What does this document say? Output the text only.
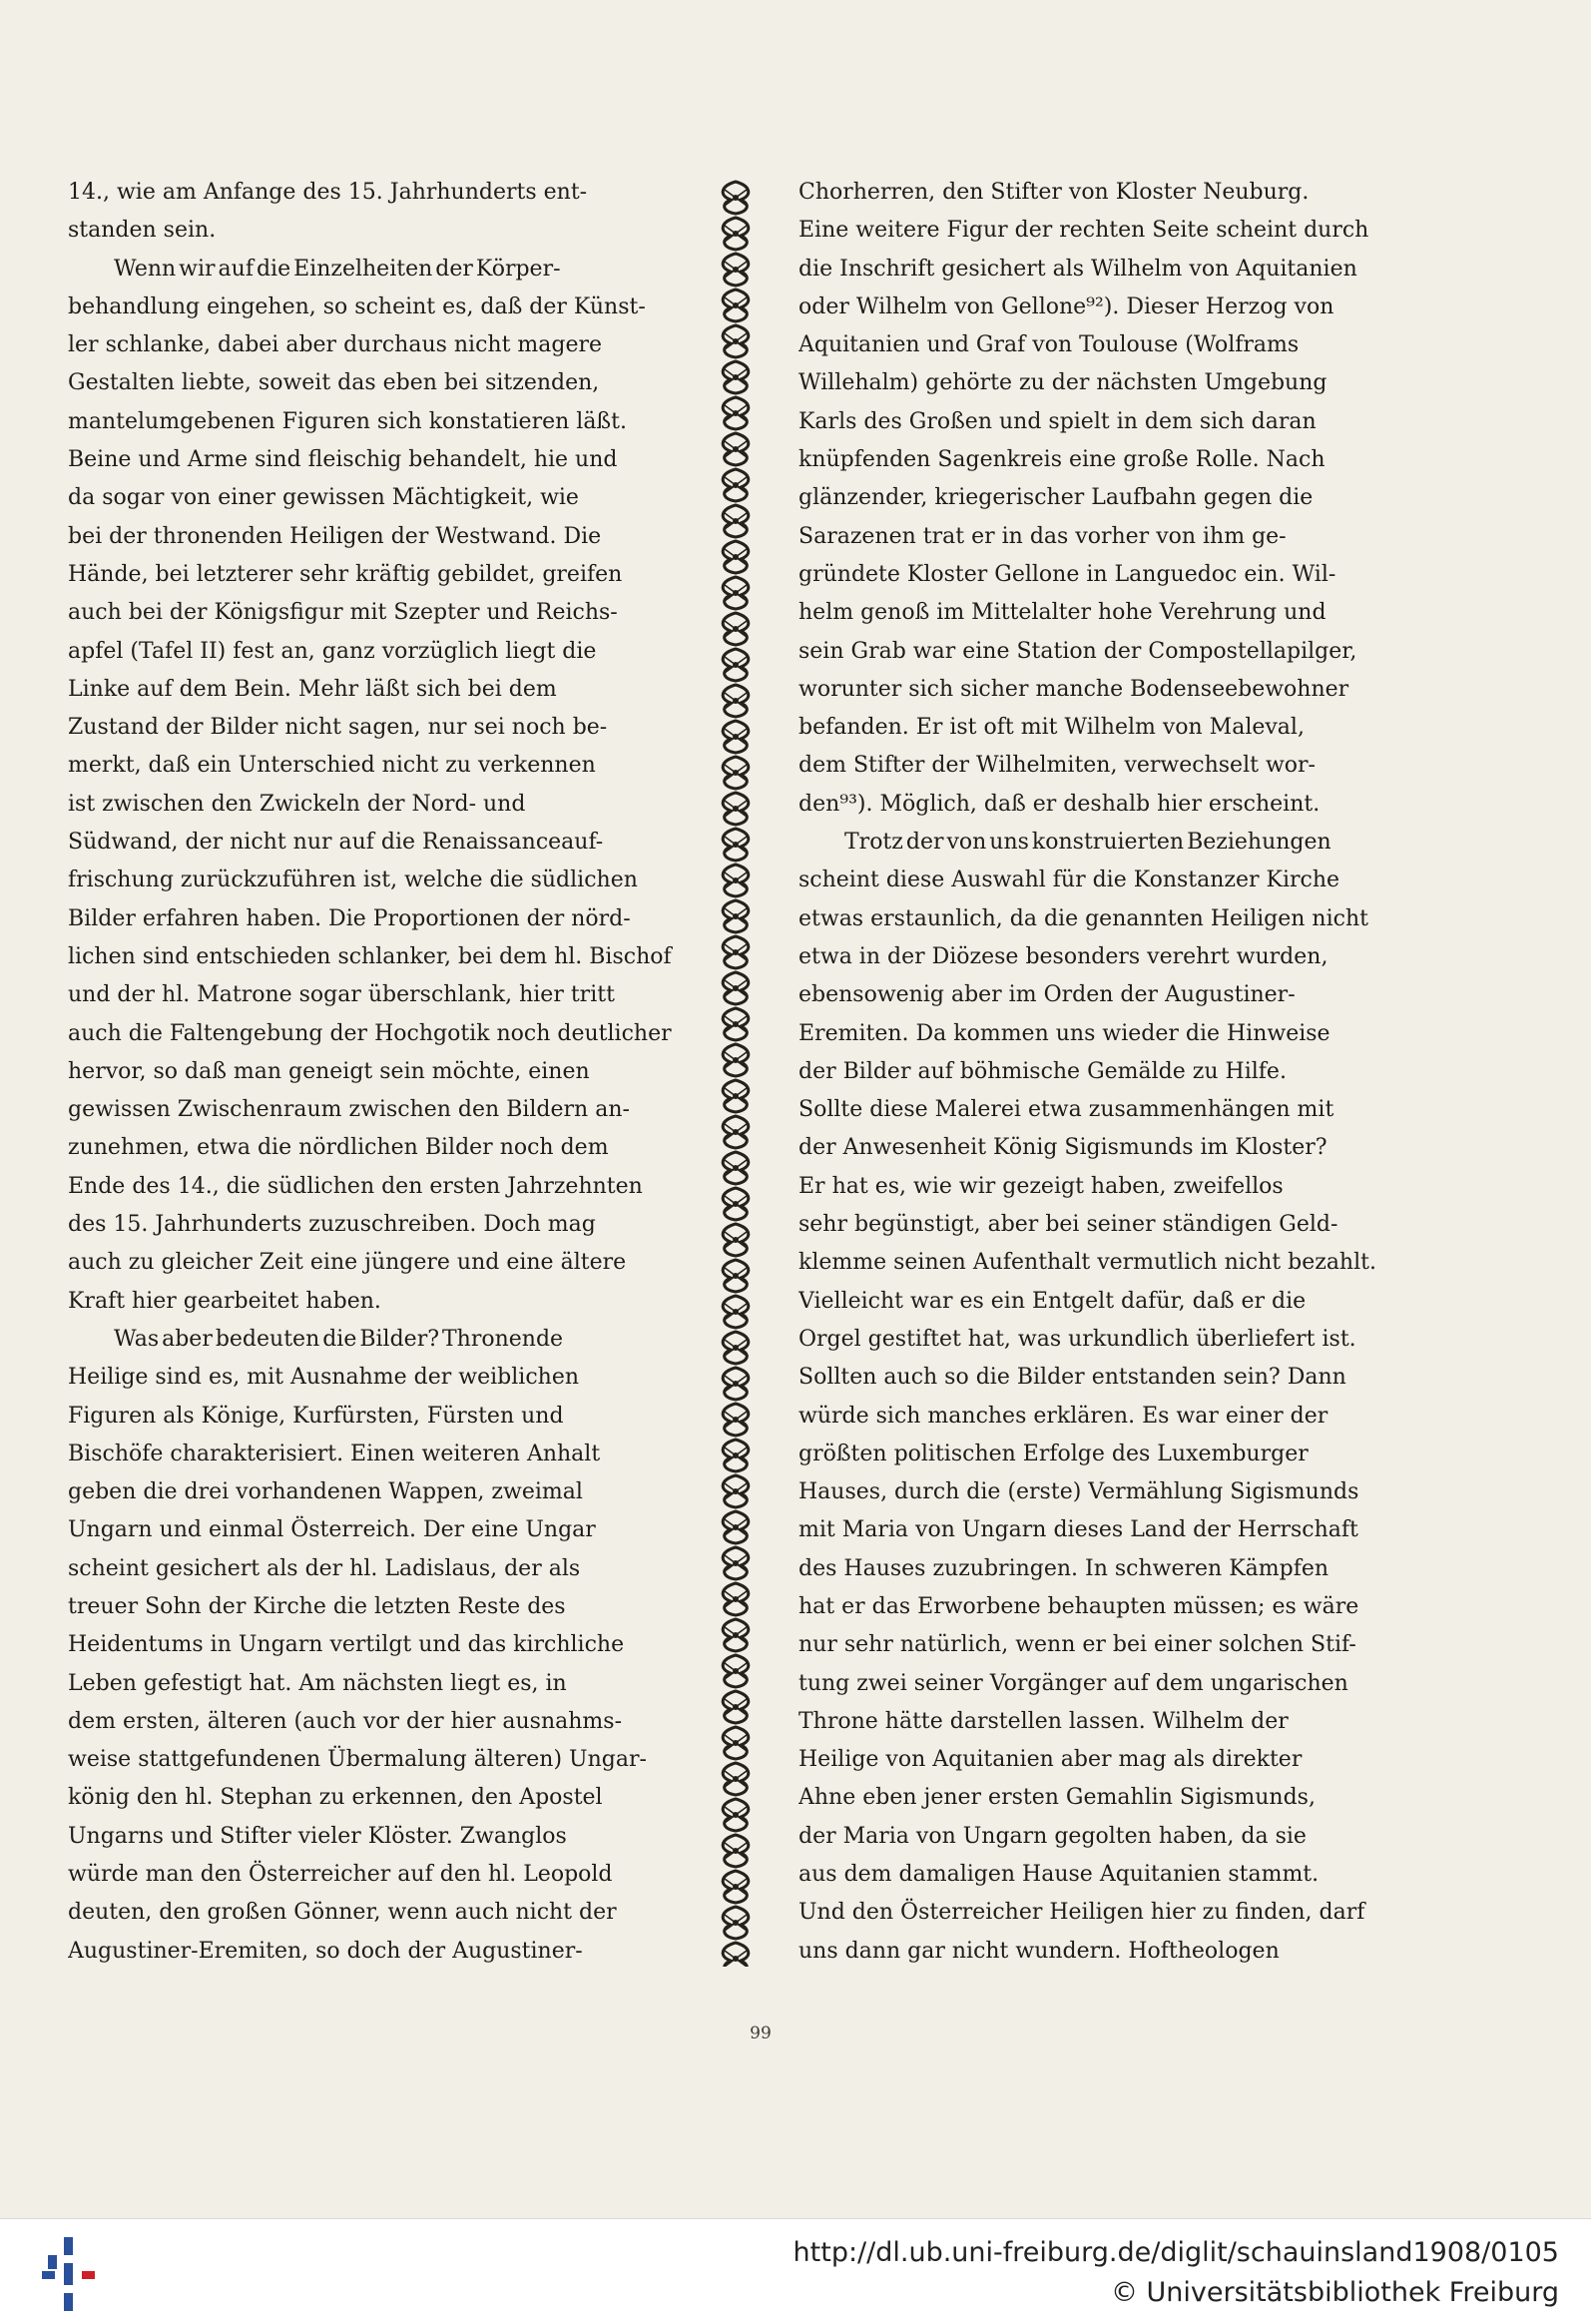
14., wie am Anfange des 15. Jahrhunderts ent-

standen sein.

Wenn wir auf die Einzelheiten der Körper-

behandlung eingehen, so scheint es, daß der Künst-

ler schlanke, dabei aber durchaus nicht magere

Gestalten liebte, soweit das eben bei sitzenden,

mantelumgebenen Figuren sich konstatieren läßt.

Beine und Arme sind fleischig behandelt, hie und

da sogar von einer gewissen Mächtigkeit, wie

bei der thronenden Heiligen der Westwand. Die

Hände, bei letzterer sehr kräftig gebildet, greifen

auch bei der Königsfigur mit Szepter und Reichs-

apfel (Tafel II) fest an, ganz vorzüglich liegt die

Linke auf dem Bein. Mehr läßt sich bei dem

Zustand der Bilder nicht sagen, nur sei noch be-

merkt, daß ein Unterschied nicht zu verkennen

ist zwischen den Zwickeln der Nord- und

Südwand, der nicht nur auf die Renaissanceauf-

frischung zurückzuführen ist, welche die südlichen

Bilder erfahren haben. Die Proportionen der nörd-

lichen sind entschieden schlanker, bei dem hl. Bischof

und der hl. Matrone sogar überschlank, hier tritt

auch die Faltengebung der Hochgotik noch deutlicher

hervor, so daß man geneigt sein möchte, einen

gewissen Zwischenraum zwischen den Bildern an-

zunehmen, etwa die nördlichen Bilder noch dem

Ende des 14., die südlichen den ersten Jahrzehnten

des 15. Jahrhunderts zuzuschreiben. Doch mag

auch zu gleicher Zeit eine jüngere und eine ältere

Kraft hier gearbeitet haben.

Was aber bedeuten die Bilder? Thronende

Heilige sind es, mit Ausnahme der weiblichen

Figuren als Könige, Kurfürsten, Fürsten und

Bischöfe charakterisiert. Einen weiteren Anhalt

geben die drei vorhandenen Wappen, zweimal

Ungarn und einmal Österreich. Der eine Ungar

scheint gesichert als der hl. Ladislaus, der als

treuer Sohn der Kirche die letzten Reste des

Heidentums in Ungarn vertilgt und das kirchliche

Leben gefestigt hat. Am nächsten liegt es, in

dem ersten, älteren (auch vor der hier ausnahms-

weise stattgefundenen Übermalung älteren) Ungar-

könig den hl. Stephan zu erkennen, den Apostel

Ungarns und Stifter vieler Klöster. Zwanglos

würde man den Österreicher auf den hl. Leopold

deuten, den großen Gönner, wenn auch nicht der

Augustiner-Eremiten, so doch der Augustiner-

Chorherren, den Stifter von Kloster Neuburg.

Eine weitere Figur der rechten Seite scheint durch

die Inschrift gesichert als Wilhelm von Aquitanien

oder Wilhelm von Gellone⁹²). Dieser Herzog von

Aquitanien und Graf von Toulouse (Wolframs

Willehalm) gehörte zu der nächsten Umgebung

Karls des Großen und spielt in dem sich daran

knüpfenden Sagenkreis eine große Rolle. Nach

glänzender, kriegerischer Laufbahn gegen die

Sarazenen trat er in das vorher von ihm ge-

gründete Kloster Gellone in Languedoc ein. Wil-

helm genoß im Mittelalter hohe Verehrung und

sein Grab war eine Station der Compostellapilger,

worunter sich sicher manche Bodenseebewohner

befanden. Er ist oft mit Wilhelm von Maleval,

dem Stifter der Wilhelmiten, verwechselt wor-

den⁹³). Möglich, daß er deshalb hier erscheint.

Trotz der von uns konstruierten Beziehungen

scheint diese Auswahl für die Konstanzer Kirche

etwas erstaunlich, da die genannten Heiligen nicht

etwa in der Diözese besonders verehrt wurden,

ebensowenig aber im Orden der Augustiner-

Eremiten. Da kommen uns wieder die Hinweise

der Bilder auf böhmische Gemälde zu Hilfe.

Sollte diese Malerei etwa zusammenhängen mit

der Anwesenheit König Sigismunds im Kloster?

Er hat es, wie wir gezeigt haben, zweifellos

sehr begünstigt, aber bei seiner ständigen Geld-

klemme seinen Aufenthalt vermutlich nicht bezahlt.

Vielleicht war es ein Entgelt dafür, daß er die

Orgel gestiftet hat, was urkundlich überliefert ist.

Sollten auch so die Bilder entstanden sein? Dann

würde sich manches erklären. Es war einer der

größten politischen Erfolge des Luxemburger

Hauses, durch die (erste) Vermählung Sigismunds

mit Maria von Ungarn dieses Land der Herrschaft

des Hauses zuzubringen. In schweren Kämpfen

hat er das Erworbene behaupten müssen; es wäre

nur sehr natürlich, wenn er bei einer solchen Stif-

tung zwei seiner Vorgänger auf dem ungarischen

Throne hätte darstellen lassen. Wilhelm der

Heilige von Aquitanien aber mag als direkter

Ahne eben jener ersten Gemahlin Sigismunds,

der Maria von Ungarn gegolten haben, da sie

aus dem damaligen Hause Aquitanien stammt.

Und den Österreicher Heiligen hier zu finden, darf

uns dann gar nicht wundern. Hoftheologen

99
http://dl.ub.uni-freiburg.de/diglit/schauinsland1908/0105
© Universitätsbibliothek Freiburg
